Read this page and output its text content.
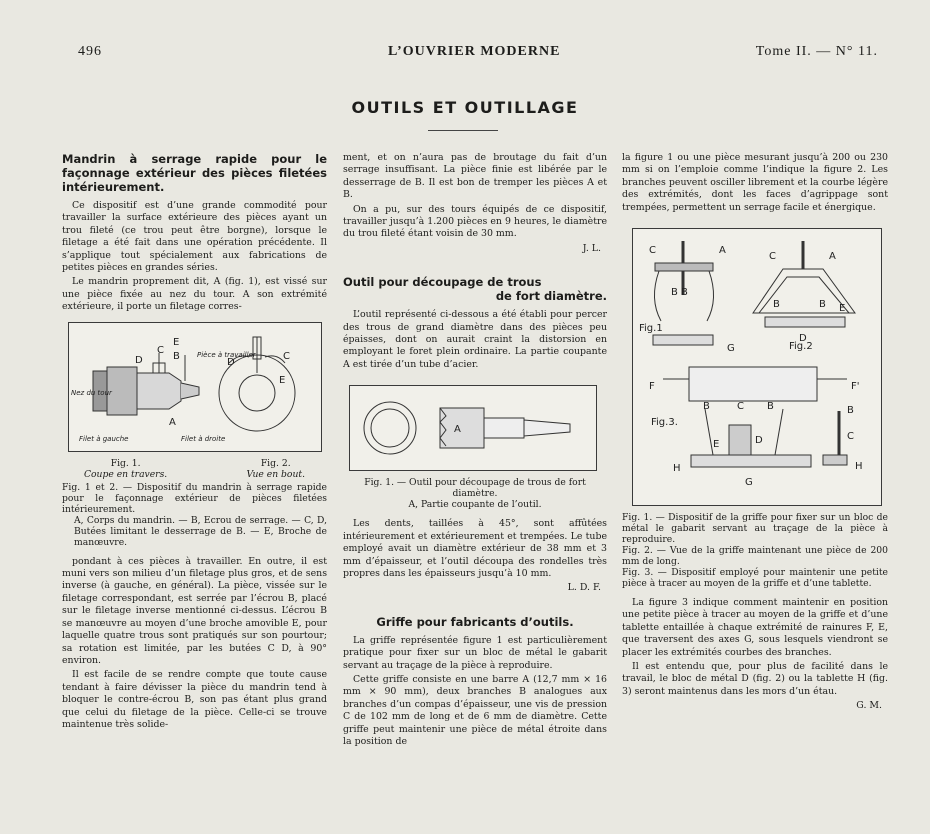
496	L’OUVRIER MODERNE	Tome II. — N° 11.
OUTILS ET OUTILLAGE
Mandrin à serrage rapide pour le façonnage extérieur des pièces filetées intérieurement.

Ce dispositif est d’une grande commodité pour travailler la surface extérieure des pièces ayant un trou fileté (ce trou peut être borgne), lorsque le filetage a été fait dans une opération précédente. Il s’applique tout spécialement aux fabrications de petites pièces en grandes séries.

Le mandrin proprement dit, A (fig. 1), est vissé sur une pièce fixée au nez du tour. A son extrémité extérieure, il porte un filetage corres-

E
C
B
D
A
D
C
E
Pièce à travailler
Nez du tour
Filet à gauche	Filet à droite
Fig. 1.
Coupe en travers.
Fig. 2.
Vue en bout.
Fig. 1 et 2. — Dispositif du mandrin à serrage rapide pour le façonnage extérieur de pièces filetées intérieurement.
A, Corps du mandrin. — B, Ecrou de serrage. — C, D, Butées limitant le desserrage de B. — E, Broche de manœuvre.

pondant à ces pièces à travailler. En outre, il est muni vers son milieu d’un filetage plus gros, et de sens inverse (à gauche, en général). La pièce, vissée sur le filetage correspondant, est serrée par l’écrou B, placé sur le filetage inverse mentionné ci-dessus. L’écrou B se manœuvre au moyen d’une broche amovible E, pour laquelle quatre trous sont pratiqués sur son pourtour; sa rotation est limitée, par les butées C D, à 90° environ.

Il est facile de se rendre compte que toute cause tendant à faire dévisser la pièce du mandrin tend à bloquer le contre-écrou B, son pas étant plus grand que celui du filetage de la pièce. Celle-ci se trouve maintenue très solide-

ment, et on n’aura pas de broutage du fait d’un serrage insuffisant. La pièce finie est libérée par le desserrage de B. Il est bon de tremper les pièces A et B.

On a pu, sur des tours équipés de ce dispositif, travailler jusqu’à 1.200 pièces en 9 heures, le diamètre du trou fileté étant voisin de 30 mm.

J. L.
Outil pour découpage de trous
de fort diamètre.

L’outil représenté ci-dessous a été établi pour percer des trous de grand diamètre dans des pièces peu épaisses, dont on aurait craint la distorsion en employant le foret plein ordinaire. La partie coupante A est tirée d’un tube d’acier.

A
Fig. 1. — Outil pour découpage de trous de fort diamètre.
A, Partie coupante de l’outil.

Les dents, taillées à 45°, sont affûtées intérieurement et extérieurement et trempées. Le tube employé avait un diamètre extérieur de 38 mm et 3 mm d’épaisseur, et l’outil découpa des rondelles très propres dans les épaisseurs jusqu’à 10 mm.

L. D. F.
Griffe pour fabricants d’outils.

La griffe représentée figure 1 est particulièrement pratique pour fixer sur un bloc de métal le gabarit servant au traçage de la pièce à reproduire.

Cette griffe consiste en une barre A (12,7 mm × 16 mm × 90 mm), deux branches B analogues aux branches d’un compas d’épaisseur, une vis de pression C de 102 mm de long et de 6 mm de diamètre. Cette griffe peut maintenir une pièce de métal étroite dans la position de

la figure 1 ou une pièce mesurant jusqu’à 200 ou 230 mm si on l’emploie comme l’indique la figure 2. Les branches peuvent osciller librement et la courbe légère des extrémités, dont les faces d’agrippage sont trempées, permettent un serrage facile et énergique.

C	A
B B
C	A
B	B E
D
G
F	F'
B	C B	B
E	D	C
H	H
G
Fig.1
Fig.2
Fig.3.
Fig. 1. — Dispositif de la griffe pour fixer sur un bloc de métal le gabarit servant au traçage de la pièce à reproduire.
Fig. 2. — Vue de la griffe maintenant une pièce de 200 mm de long.
Fig. 3. — Dispositif employé pour maintenir une petite pièce à tracer au moyen de la griffe et d’une tablette.

La figure 3 indique comment maintenir en position une petite pièce à tracer au moyen de la griffe et d’une tablette entaillée à chaque extrémité de rainures F, E, que traversent des axes G, sous lesquels viendront se placer les extrémités courbes des branches.

Il est entendu que, pour plus de facilité dans le travail, le bloc de métal D (fig. 2) ou la tablette H (fig. 3) seront maintenus dans les mors d’un étau.

G. M.
